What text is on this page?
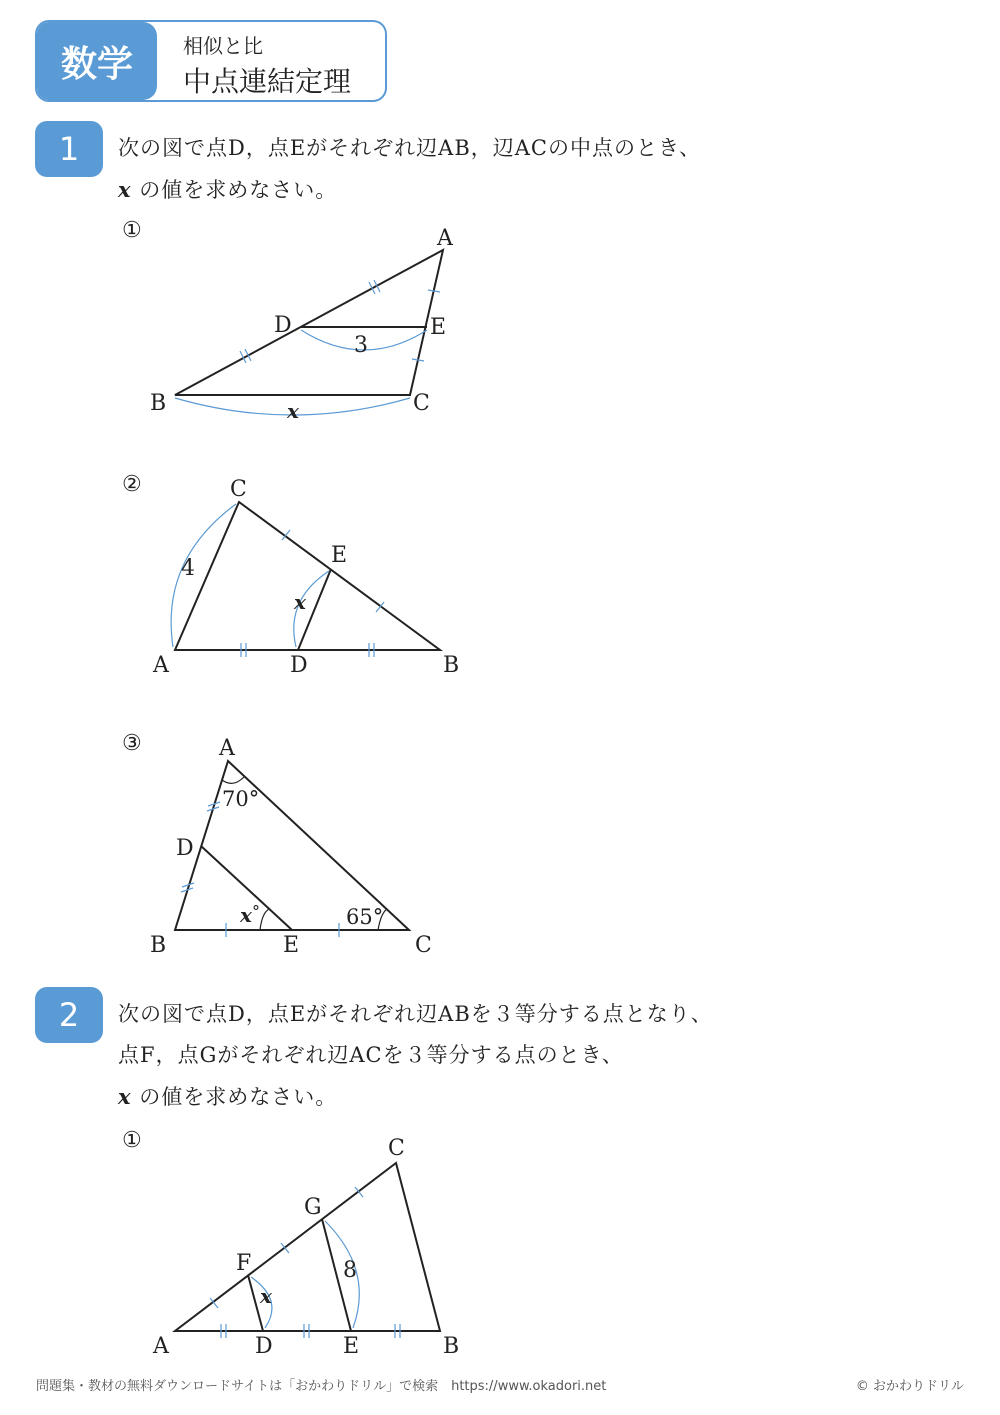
数学	相似と比
中点連結定理
1	次の図で点D，点Eがそれぞれ辺AB，辺ACの中点のとき、
x の値を求めなさい。
①	A
B	C
D	E
3
x
②	C
A	B
D
E
4
x
③	A
D
B	E	C
70°
65°
x °
2	次の図で点D，点Eがそれぞれ辺ABを３等分する点となり、
点F，点Gがそれぞれ辺ACを３等分する点のとき、
x の値を求めなさい。
①	C
G
F
A	D	E	B
8
x
問題集・教材の無料ダウンロードサイトは「おかわりドリル」で検索　https://www.okadori.net	© おかわりドリル
